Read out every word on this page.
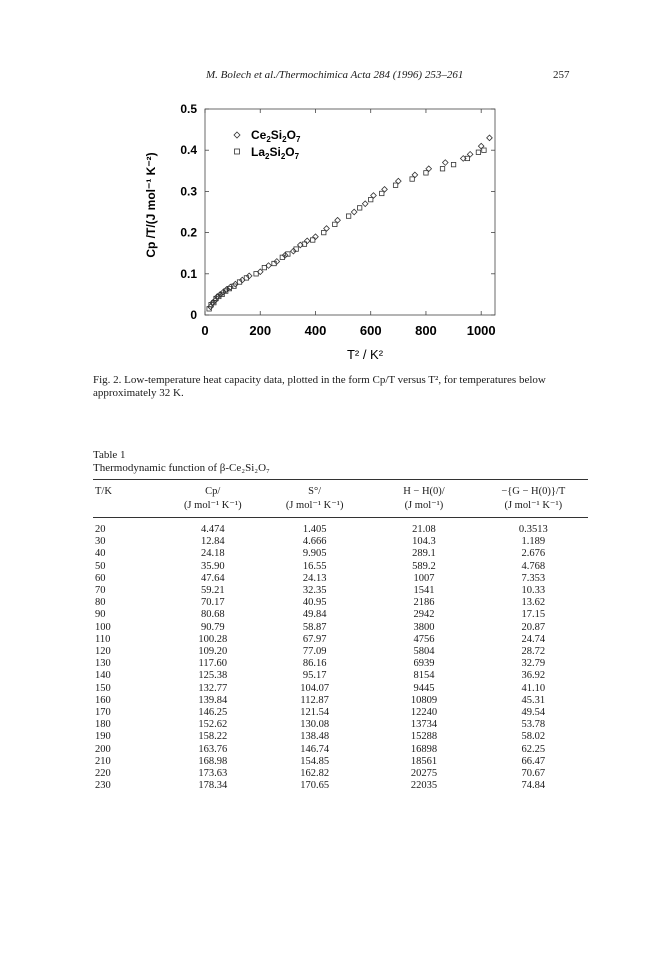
M. Bolech et al./Thermochimica Acta 284 (1996) 253–261	257
0	200	400	600	800 1000
0
0.1
0.2
0.3
0.4
0.5
$Ce_2Si_2O_7$
$La_2Si_2O_7$
T² / K²
Cp /T/(J mol⁻¹ K⁻²)
Fig. 2. Low-temperature heat capacity data, plotted in the form Cp/T versus T², for temperatures below approximately 32 K.
Table 1
Thermodynamic function of β-Ce₂Si₂O₇
T/K	Cp/	S°/	H − H(0)/	−{G − H(0)}/T
	(J mol⁻¹ K⁻¹)	(J mol⁻¹ K⁻¹)	(J mol⁻¹)	(J mol⁻¹ K⁻¹)
20	4.474	1.405	21.08	0.3513
30	12.84	4.666	104.3	1.189
40	24.18	9.905	289.1	2.676
50	35.90	16.55	589.2	4.768
60	47.64	24.13	1007	7.353
70	59.21	32.35	1541	10.33
80	70.17	40.95	2186	13.62
90	80.68	49.84	2942	17.15
100	90.79	58.87	3800	20.87
110	100.28	67.97	4756	24.74
120	109.20	77.09	5804	28.72
130	117.60	86.16	6939	32.79
140	125.38	95.17	8154	36.92
150	132.77	104.07	9445	41.10
160	139.84	112.87	10809	45.31
170	146.25	121.54	12240	49.54
180	152.62	130.08	13734	53.78
190	158.22	138.48	15288	58.02
200	163.76	146.74	16898	62.25
210	168.98	154.85	18561	66.47
220	173.63	162.82	20275	70.67
230	178.34	170.65	22035	74.84
